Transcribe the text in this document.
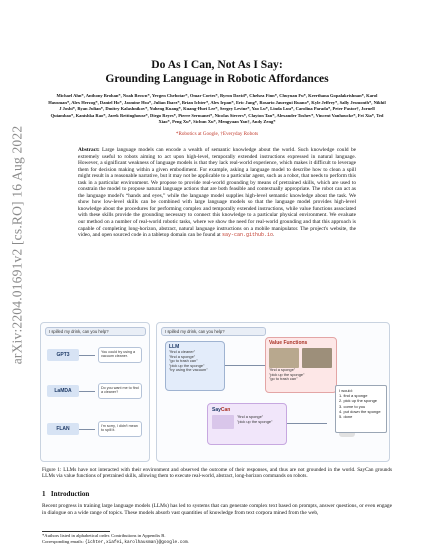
arXiv:2204.01691v2 [cs.RO] 16 Aug 2022
Do As I Can, Not As I Say:
Grounding Language in Robotic Affordances
Michael Ahn*, Anthony Brohan*, Noah Brown*, Yevgen Chebotar*, Omar Cortes*, Byron David*, Chelsea Finn*, Chuyuan Fu*, Keerthana Gopalakrishnan*, Karol Hausman*, Alex Herzog*, Daniel Ho*, Jasmine Hsu*, Julian Ibarz*, Brian Ichter*, Alex Irpan*, Eric Jang*, Rosario Jauregui Ruano*, Kyle Jeffrey*, Sally Jesmonth*, Nikhil J Joshi*, Ryan Julian*, Dmitry Kalashnikov*, Yuheng Kuang*, Kuang-Huei Lee*, Sergey Levine*, Yao Lu*, Linda Luu*, Carolina Parada*, Peter Pastor†, Jornell Quiambao*, Kanishka Rao*, Jarek Rettinghouse*, Diego Reyes*, Pierre Sermanet*, Nicolas Sievers*, Clayton Tan*, Alexander Toshev*, Vincent Vanhoucke*, Fei Xia*, Ted Xiao*, Peng Xu*, Sichun Xu*, Mengyuan Yan†, Andy Zeng*
*Robotics at Google, †Everyday Robots
Abstract: Large language models can encode a wealth of semantic knowledge about the world. Such knowledge could be extremely useful to robots aiming to act upon high-level, temporally extended instructions expressed in natural language. However, a significant weakness of language models is that they lack real-world experience, which makes it difficult to leverage them for decision making within a given embodiment. For example, asking a language model to describe how to clean a spill might result in a reasonable narrative, but it may not be applicable to a particular agent, such as a robot, that needs to perform this task in a particular environment. We propose to provide real-world grounding by means of pretrained skills, which are used to constrain the model to propose natural language actions that are both feasible and contextually appropriate. The robot can act as the language model's “hands and eyes,” while the language model supplies high-level semantic knowledge about the task. We show how low-level skills can be combined with large language models so that the language model provides high-level knowledge about the procedures for performing complex and temporally extended instructions, while value functions associated with these skills provide the grounding necessary to connect this knowledge to a particular physical environment. We evaluate our method on a number of real-world robotic tasks, where we show the need for real-world grounding and that this approach is capable of completing long-horizon, abstract, natural language instructions on a mobile manipulator. The project's website, the video, and open sourced code in a tabletop domain can be found at say-can.github.io.
I spilled my drink, can you help?
GPT3
You could try using a vacuum cleaner.
LaMDA
Do you want me to find a cleaner?
FLAN
I'm sorry, I didn't mean to spill it.
I spilled my drink, can you help?
LLM
"find a cleaner"
"find a sponge"
"go to trash can"
"pick up the sponge"
"try using the vacuum"
Value Functions
"find a sponge"
"pick up the sponge"
"go to trash can"
SayCan
"find a sponge"
"pick up the sponge"
I would:
1. find a sponge
2. pick up the sponge
3. come to you
4. put down the sponge
5. done
Figure 1: LLMs have not interacted with their environment and observed the outcome of their responses, and thus are not grounded in the world. SayCan grounds LLMs via value functions of pretrained skills, allowing them to execute real-world, abstract, long-horizon commands on robots.
1 Introduction
Recent progress in training large language models (LLMs) has led to systems that can generate complex text based on prompts, answer questions, or even engage in dialogue on a wide range of topics. These models absorb vast quantities of knowledge from text corpora mined from the web,
*Authors listed in alphabetical order. Contributions in Appendix B.
Corresponding emails: {ichter,xiafei,karolhausman}@google.com.
